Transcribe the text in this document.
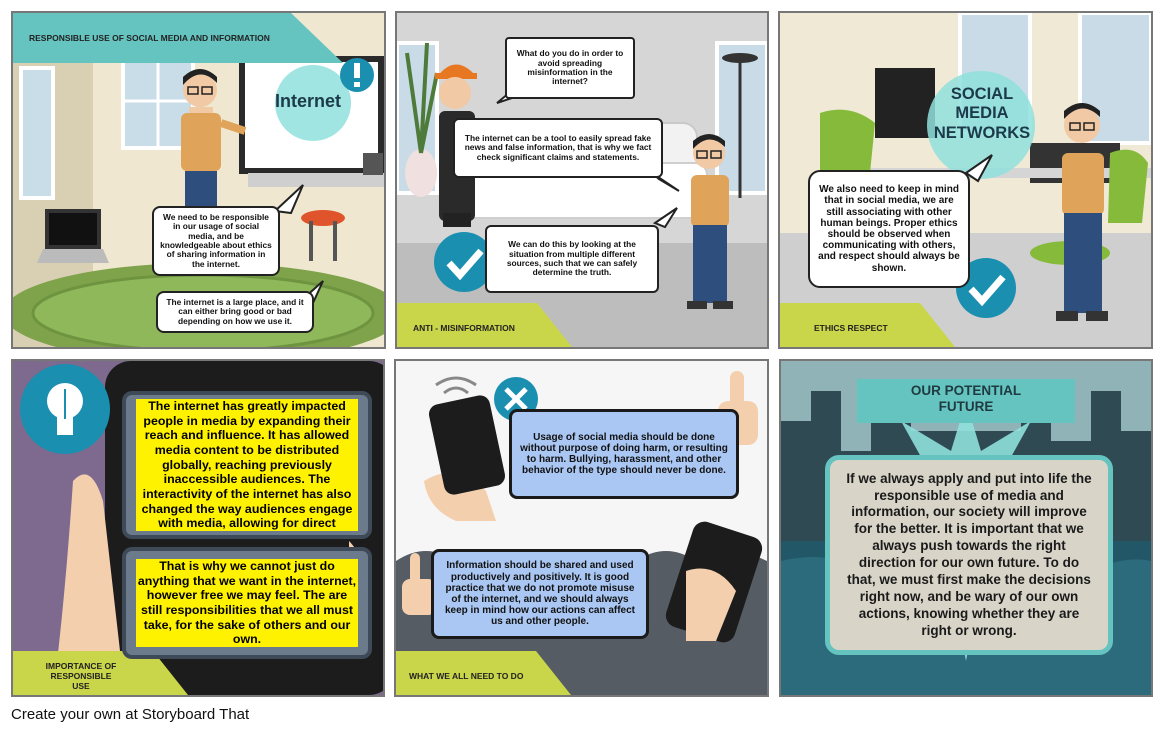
RESPONSIBLE USE OF SOCIAL MEDIA AND INFORMATION
Internet
We need to be responsible in our usage of social media, and be knowledgeable about ethics of sharing information in the internet.
The internet is a large place, and it can either bring good or bad depending on how we use it.
ANTI - MISINFORMATION
What do you do in order to avoid spreading misinformation in the internet?
The internet can be a tool to easily spread fake news and false information, that is why we fact check significant claims and statements.
We can do this by looking at the situation from multiple different sources, such that we can safely determine the truth.
SOCIAL
MEDIA
NETWORKS
ETHICS RESPECT
We also need to keep in mind that in social media, we are still associating with other human beings. Proper ethics should be observed when communicating with others, and respect should always be shown.
The internet has greatly impacted people in media by expanding their reach and influence. It has allowed media content to be distributed globally, reaching previously inaccessible audiences. The interactivity of the internet has also changed the way audiences engage with media, allowing for direct
That is why we cannot just do anything that we want in the internet, however free we may feel. The are still responsibilities that we all must take, for the sake of others and our own.
IMPORTANCE OF
RESPONSIBLE USE
Usage of social media should be done without purpose of doing harm, or resulting to harm. Bullying, harassment, and other behavior of the type should never be done.
Information should be shared and used productively and positively. It is good practice that we do not promote misuse of the internet, and we should always keep in mind how our actions can affect us and other people.
WHAT WE ALL NEED TO DO
OUR POTENTIAL
FUTURE
If we always apply and put into life the responsible use of media and information, our society will improve for the better. It is important that we always push towards the right direction for our own future. To do that, we must first make the decisions right now, and be wary of our own actions, knowing whether they are right or wrong.
Create your own at Storyboard That
